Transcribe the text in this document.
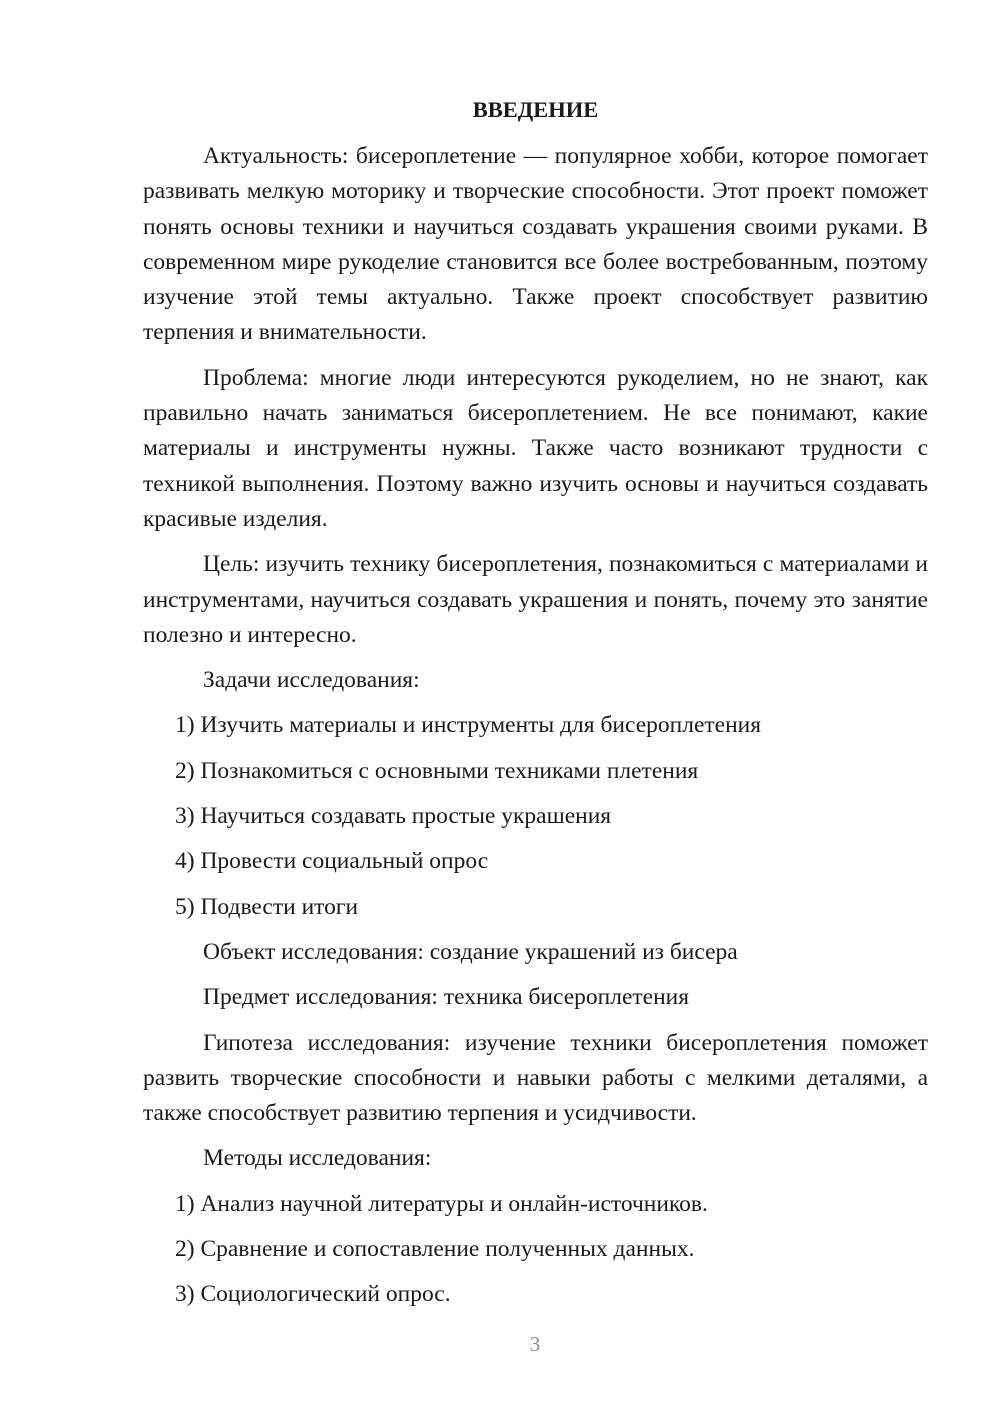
ВВЕДЕНИЕ
Актуальность: бисероплетение — популярное хобби, которое помогает развивать мелкую моторику и творческие способности. Этот проект поможет понять основы техники и научиться создавать украшения своими руками. В современном мире рукоделие становится все более востребованным, поэтому изучение этой темы актуально. Также проект способствует развитию терпения и внимательности.
Проблема: многие люди интересуются рукоделием, но не знают, как правильно начать заниматься бисероплетением. Не все понимают, какие материалы и инструменты нужны. Также часто возникают трудности с техникой выполнения. Поэтому важно изучить основы и научиться создавать красивые изделия.
Цель: изучить технику бисероплетения, познакомиться с материалами и инструментами, научиться создавать украшения и понять, почему это занятие полезно и интересно.
Задачи исследования:
1) Изучить материалы и инструменты для бисероплетения
2) Познакомиться с основными техниками плетения
3) Научиться создавать простые украшения
4) Провести социальный опрос
5) Подвести итоги
Объект исследования: создание украшений из бисера
Предмет исследования: техника бисероплетения
Гипотеза исследования: изучение техники бисероплетения поможет развить творческие способности и навыки работы с мелкими деталями, а также способствует развитию терпения и усидчивости.
Методы исследования:
1) Анализ научной литературы и онлайн-источников.
2) Сравнение и сопоставление полученных данных.
3) Социологический опрос.
3
